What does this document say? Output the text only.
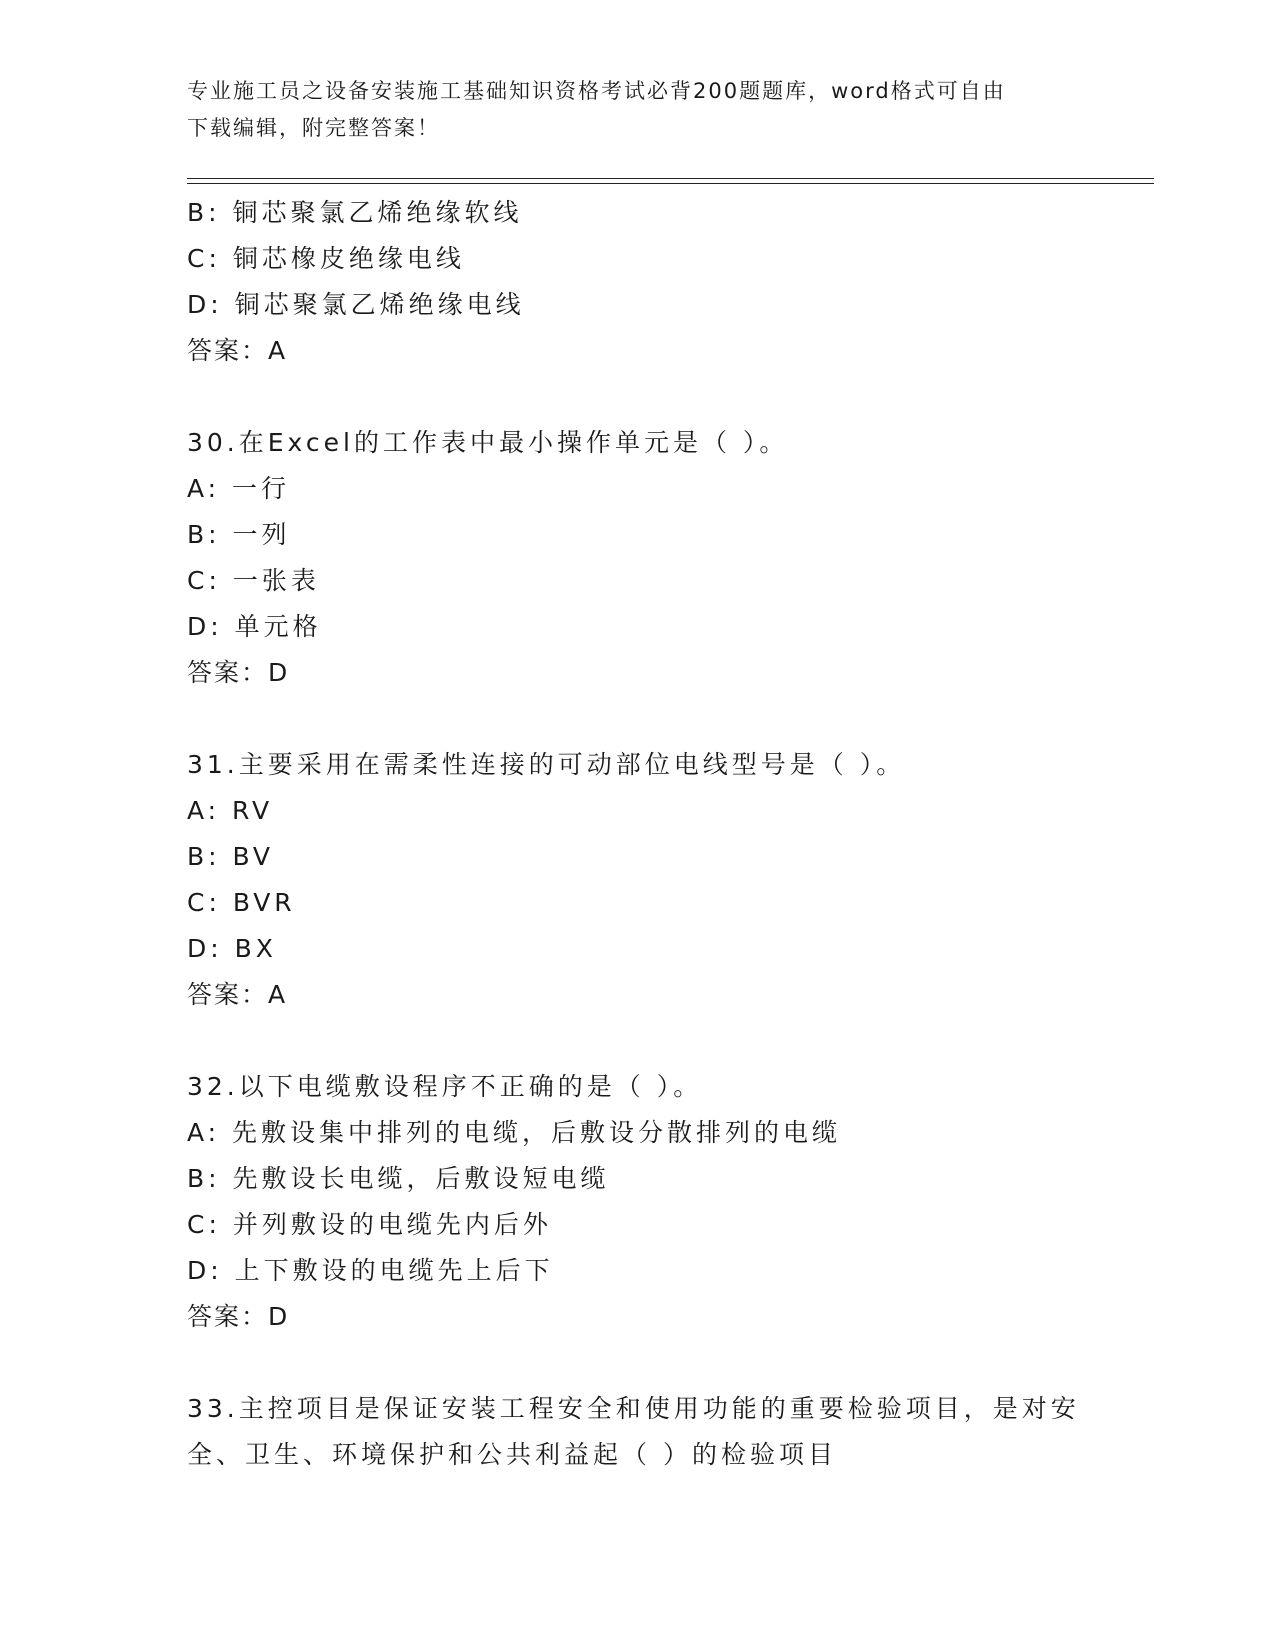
专业施工员之设备安装施工基础知识资格考试必背200题题库，word格式可自由
下载编辑，附完整答案！
B: 铜芯聚氯乙烯绝缘软线
C: 铜芯橡皮绝缘电线
D: 铜芯聚氯乙烯绝缘电线
答案：A
30.在Excel的工作表中最小操作单元是（ ）。
A: 一行
B: 一列
C: 一张表
D: 单元格
答案：D
31.主要采用在需柔性连接的可动部位电线型号是（ ）。
A: RV
B: BV
C: BVR
D: BX
答案：A
32.以下电缆敷设程序不正确的是（ ）。
A: 先敷设集中排列的电缆，后敷设分散排列的电缆
B: 先敷设长电缆，后敷设短电缆
C: 并列敷设的电缆先内后外
D: 上下敷设的电缆先上后下
答案：D
33.主控项目是保证安装工程安全和使用功能的重要检验项目，是对安
全、卫生、环境保护和公共利益起（ ）的检验项目
